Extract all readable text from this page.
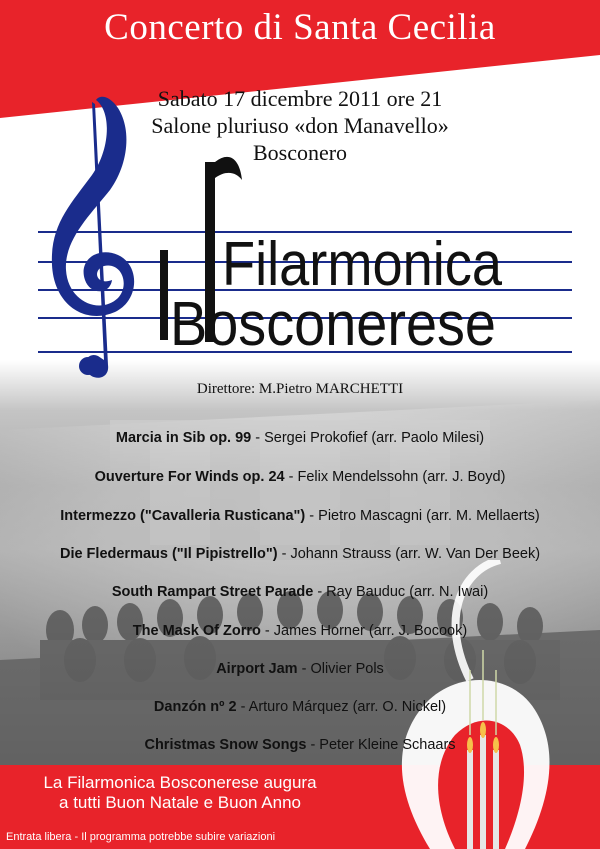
Concerto di Santa Cecilia
Sabato 17 dicembre 2011 ore 21
Salone pluriuso «don Manavello»
Bosconero
Filarmonica
Bosconerese
Direttore: M.Pietro MARCHETTI
Marcia in Sib op. 99 - Sergei Prokofief (arr. Paolo Milesi)
Ouverture For Winds op. 24 - Felix Mendelssohn (arr. J. Boyd)
Intermezzo ("Cavalleria Rusticana") - Pietro Mascagni (arr. M. Mellaerts)
Die Fledermaus ("Il Pipistrello") - Johann Strauss (arr. W. Van Der Beek)
South Rampart Street Parade - Ray Bauduc (arr. N. Iwai)
The Mask Of Zorro - James Horner (arr. J. Bocook)
Airport Jam - Olivier Pols
Danzón nº 2 - Arturo Márquez (arr. O. Nickel)
Christmas Snow Songs - Peter Kleine Schaars
La Filarmonica Bosconerese augura
a tutti Buon Natale e Buon Anno
Entrata libera - Il programma potrebbe subire variazioni
